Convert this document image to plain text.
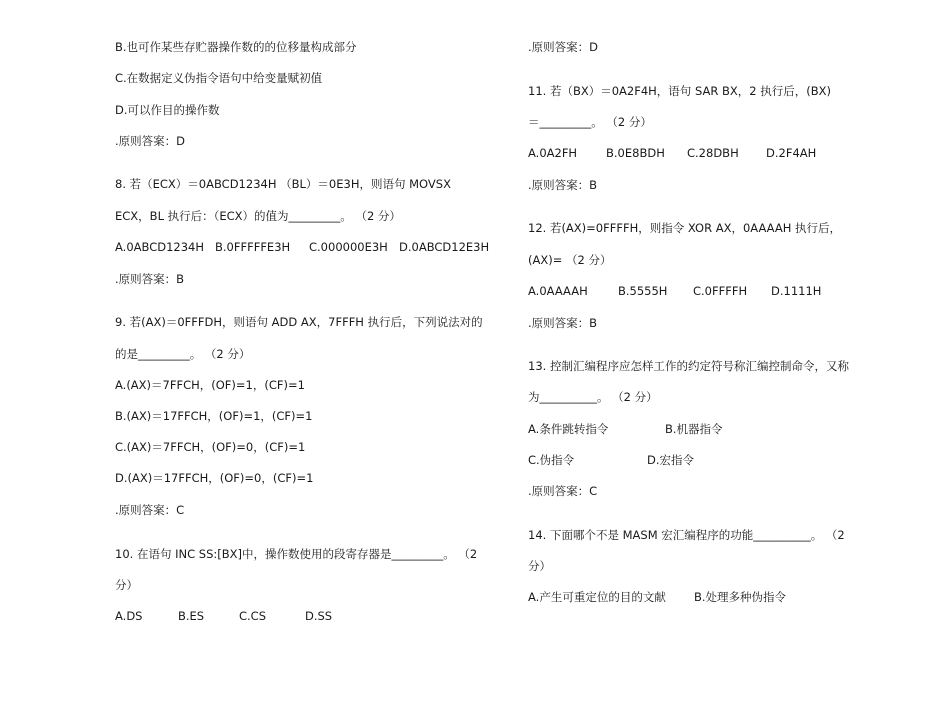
B.也可作某些存贮器操作数的的位移量构成部分
C.在数据定义伪指令语句中给变量赋初值
D.可以作目的操作数
.原则答案：D
8. 若（ECX）＝0ABCD1234H （BL）＝0E3H，则语句 MOVSX
ECX，BL 执行后：（ECX）的值为_________。 （2 分）
A.0ABCD1234H B.0FFFFFE3H C.000000E3H D.0ABCD12E3H
.原则答案：B
9. 若(AX)＝0FFFDH，则语句 ADD AX，7FFFH 执行后，下列说法对的
的是_________。 （2 分）
A.(AX)＝7FFCH，(OF)=1，(CF)=1
B.(AX)＝17FFCH，(OF)=1，(CF)=1
C.(AX)＝7FFCH，(OF)=0，(CF)=1
D.(AX)＝17FFCH，(OF)=0，(CF)=1
.原则答案：C
10. 在语句 INC SS:[BX]中，操作数使用的段寄存器是_________。 （2
分）
A.DS	B.ES	C.CS	D.SS
.原则答案：D
11. 若（BX）＝0A2F4H，语句 SAR BX，2 执行后，(BX)
＝_________。 （2 分）
A.0A2FH	B.0E8BDH C.28DBH D.2F4AH
.原则答案：B
12. 若(AX)=0FFFFH，则指令 XOR AX，0AAAAH 执行后，
(AX)= （2 分）
A.0AAAAH	B.5555H C.0FFFFH D.1111H
.原则答案：B
13. 控制汇编程序应怎样工作的约定符号称汇编控制命令，又称
为__________。 （2 分）
A.条件跳转指令	B.机器指令
C.伪指令	D.宏指令
.原则答案：C
14. 下面哪个不是 MASM 宏汇编程序的功能__________。 （2
分）
A.产生可重定位的目的文献 B.处理多种伪指令
